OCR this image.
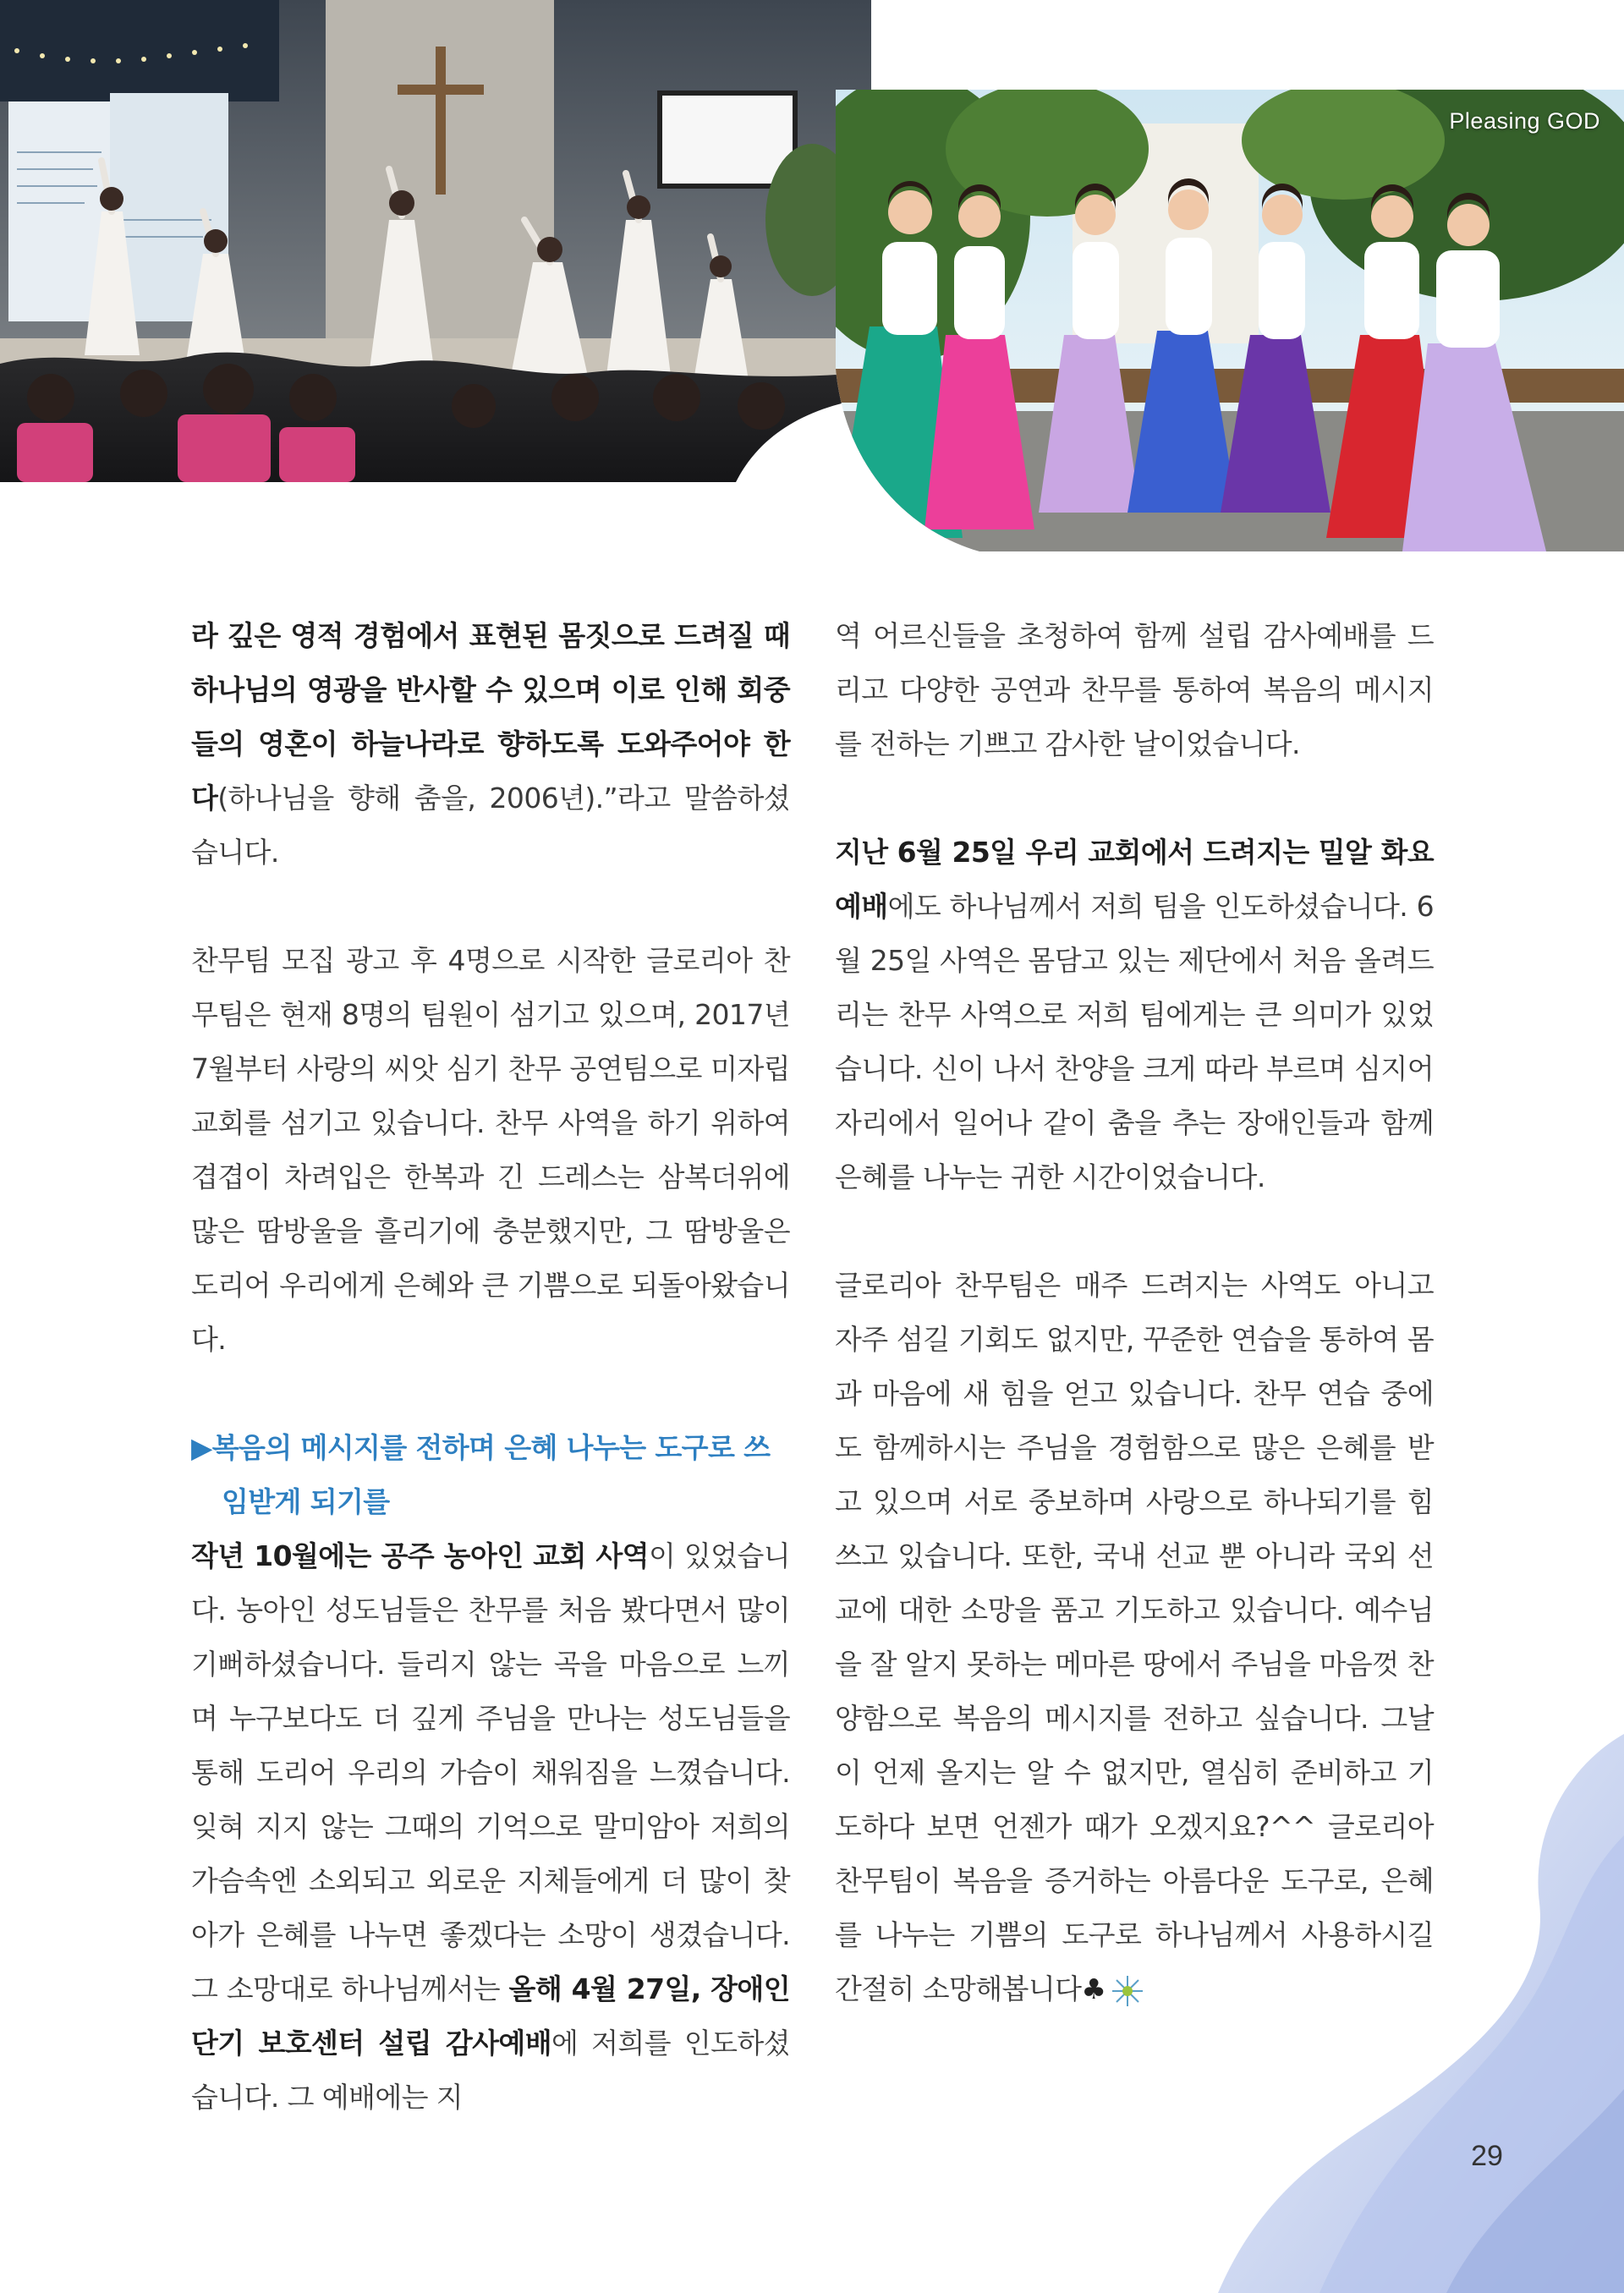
Pleasing GOD

라 깊은 영적 경험에서 표현된 몸짓으로 드려질 때 하나님의 영광을 반사할 수 있으며 이로 인해 회중들의 영혼이 하늘나라로 향하도록 도와주어야 한다(하나님을 향해 춤을, 2006년).”라고 말씀하셨습니다.

찬무팀 모집 광고 후 4명으로 시작한 글로리아 찬무팀은 현재 8명의 팀원이 섬기고 있으며, 2017년 7월부터 사랑의 씨앗 심기 찬무 공연팀으로 미자립 교회를 섬기고 있습니다. 찬무 사역을 하기 위하여 겹겹이 차려입은 한복과 긴 드레스는 삼복더위에 많은 땀방울을 흘리기에 충분했지만, 그 땀방울은 도리어 우리에게 은혜와 큰 기쁨으로 되돌아왔습니다.

▶복음의 메시지를 전하며 은혜 나누는 도구로 쓰임받게 되기를

작년 10월에는 공주 농아인 교회 사역이 있었습니다. 농아인 성도님들은 찬무를 처음 봤다면서 많이 기뻐하셨습니다. 들리지 않는 곡을 마음으로 느끼며 누구보다도 더 깊게 주님을 만나는 성도님들을 통해 도리어 우리의 가슴이 채워짐을 느꼈습니다. 잊혀 지지 않는 그때의 기억으로 말미암아 저희의 가슴속엔 소외되고 외로운 지체들에게 더 많이 찾아가 은혜를 나누면 좋겠다는 소망이 생겼습니다. 그 소망대로 하나님께서는 올해 4월 27일, 장애인 단기 보호센터 설립 감사예배에 저희를 인도하셨습니다. 그 예배에는 지

역 어르신들을 초청하여 함께 설립 감사예배를 드리고 다양한 공연과 찬무를 통하여 복음의 메시지를 전하는 기쁘고 감사한 날이었습니다.

지난 6월 25일 우리 교회에서 드려지는 밀알 화요예배에도 하나님께서 저희 팀을 인도하셨습니다. 6월 25일 사역은 몸담고 있는 제단에서 처음 올려드리는 찬무 사역으로 저희 팀에게는 큰 의미가 있었습니다. 신이 나서 찬양을 크게 따라 부르며 심지어 자리에서 일어나 같이 춤을 추는 장애인들과 함께 은혜를 나누는 귀한 시간이었습니다.

글로리아 찬무팀은 매주 드려지는 사역도 아니고 자주 섬길 기회도 없지만, 꾸준한 연습을 통하여 몸과 마음에 새 힘을 얻고 있습니다. 찬무 연습 중에도 함께하시는 주님을 경험함으로 많은 은혜를 받고 있으며 서로 중보하며 사랑으로 하나되기를 힘쓰고 있습니다. 또한, 국내 선교 뿐 아니라 국외 선교에 대한 소망을 품고 기도하고 있습니다. 예수님을 잘 알지 못하는 메마른 땅에서 주님을 마음껏 찬양함으로 복음의 메시지를 전하고 싶습니다. 그날이 언제 올지는 알 수 없지만, 열심히 준비하고 기도하다 보면 언젠가 때가 오겠지요?^^ 글로리아 찬무팀이 복음을 증거하는 아름다운 도구로, 은혜를 나누는 기쁨의 도구로 하나님께서 사용하시길 간절히 소망해봅니다♣

29
